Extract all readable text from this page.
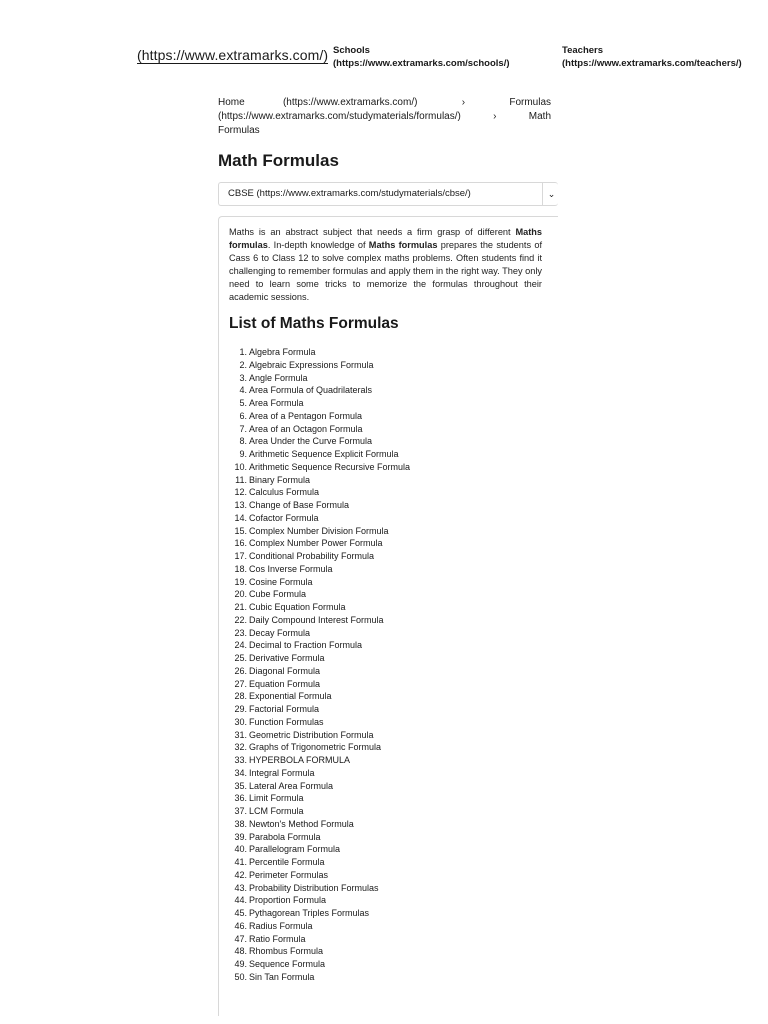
(https://www.extramarks.com/) Schools
(https://www.extramarks.com/schools/)
Teachers
(https://www.extramarks.com/teachers/)
Home	(https://www.extramarks.com/)	›	Formulas (https://www.extramarks.com/studymaterials/formulas/)	›	Math Formulas
Math Formulas
CBSE (https://www.extramarks.com/studymaterials/cbse/)	⌄

Maths is an abstract subject that needs a firm grasp of different Maths formulas. In-depth knowledge of Maths formulas prepares the students of Cass 6 to Class 12 to solve complex maths problems. Often students find it challenging to remember formulas and apply them in the right way. They only need to learn some tricks to memorize the formulas throughout their academic sessions.

List of Maths Formulas
1. Algebra Formula
2. Algebraic Expressions Formula
3. Angle Formula
4. Area Formula of Quadrilaterals
5. Area Formula
6. Area of a Pentagon Formula
7. Area of an Octagon Formula
8. Area Under the Curve Formula
9. Arithmetic Sequence Explicit Formula
10. Arithmetic Sequence Recursive Formula
11. Binary Formula
12. Calculus Formula
13. Change of Base Formula
14. Cofactor Formula
15. Complex Number Division Formula
16. Complex Number Power Formula
17. Conditional Probability Formula
18. Cos Inverse Formula
19. Cosine Formula
20. Cube Formula
21. Cubic Equation Formula
22. Daily Compound Interest Formula
23. Decay Formula
24. Decimal to Fraction Formula
25. Derivative Formula
26. Diagonal Formula
27. Equation Formula
28. Exponential Formula
29. Factorial Formula
30. Function Formulas
31. Geometric Distribution Formula
32. Graphs of Trigonometric Formula
33. HYPERBOLA FORMULA
34. Integral Formula
35. Lateral Area Formula
36. Limit Formula
37. LCM Formula
38. Newton's Method Formula
39. Parabola Formula
40. Parallelogram Formula
41. Percentile Formula
42. Perimeter Formulas
43. Probability Distribution Formulas
44. Proportion Formula
45. Pythagorean Triples Formulas
46. Radius Formula
47. Ratio Formula
48. Rhombus Formula
49. Sequence Formula
50. Sin Tan Formula
